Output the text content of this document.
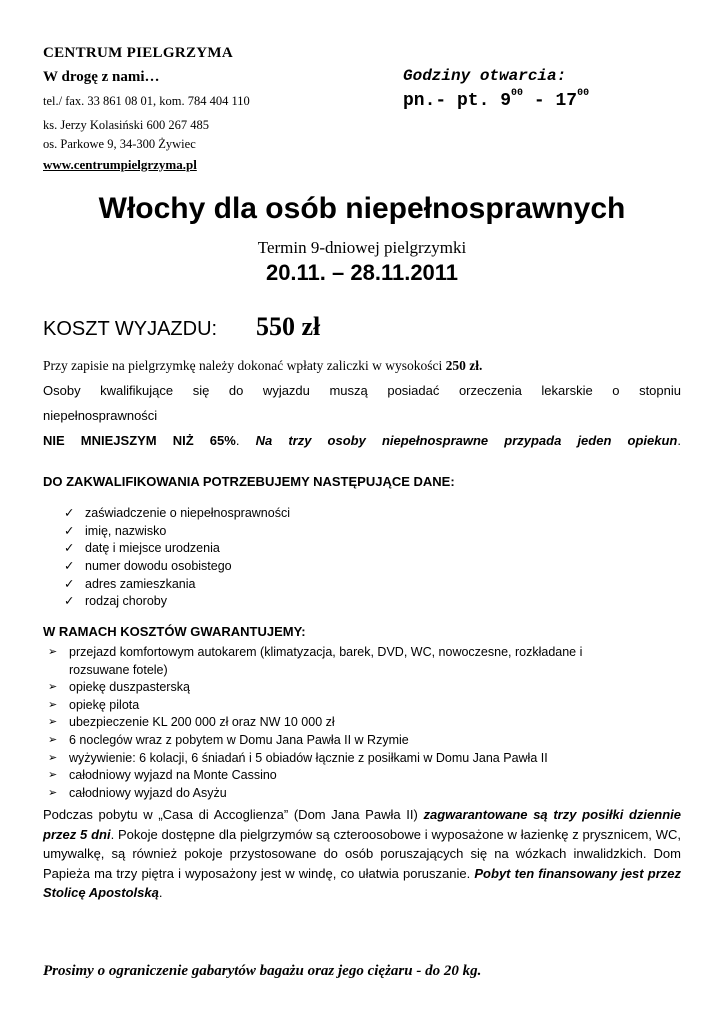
CENTRUM PIELGRZYMA
W drogę z nami…
tel./ fax. 33 861 08 01, kom. 784 404 110
ks. Jerzy Kolasiński 600 267 485
os. Parkowe 9, 34-300 Żywiec
www.centrumpielgrzyma.pl
Godziny otwarcia:
pn.- pt. $9^{00} - 17^{00}$
Włochy dla osób niepełnosprawnych
Termin 9-dniowej pielgrzymki
20.11. – 28.11.2011
KOSZT WYJAZDU: 550 zł
Przy zapisie na pielgrzymkę należy dokonać wpłaty zaliczki w wysokości 250 zł.
Osoby kwalifikujące się do wyjazdu muszą posiadać orzeczenia lekarskie o stopniu
niepełnosprawności
NIE MNIEJSZYM NIŻ 65%. Na trzy osoby niepełnosprawne przypada jeden opiekun.
DO ZAKWALIFIKOWANIA POTRZEBUJEMY NASTĘPUJĄCE DANE:
✓ zaświadczenie o niepełnosprawności
✓ imię, nazwisko
✓ datę i miejsce urodzenia
✓ numer dowodu osobistego
✓ adres zamieszkania
✓ rodzaj choroby
W RAMACH KOSZTÓW GWARANTUJEMY:
➢ przejazd komfortowym autokarem (klimatyzacja, barek, DVD, WC, nowoczesne, rozkładane i rozsuwane fotele)
➢ opiekę duszpasterską
➢ opiekę pilota
➢ ubezpieczenie KL 200 000 zł oraz NW 10 000 zł
➢ 6 noclegów wraz z pobytem w Domu Jana Pawła II w Rzymie
➢ wyżywienie: 6 kolacji, 6 śniadań i 5 obiadów łącznie z posiłkami w Domu Jana Pawła II
➢ całodniowy wyjazd na Monte Cassino
➢ całodniowy wyjazd do Asyżu
Podczas pobytu w „Casa di Accoglienza” (Dom Jana Pawła II) zagwarantowane są trzy posiłki dziennie przez 5 dni. Pokoje dostępne dla pielgrzymów są czteroosobowe i wyposażone w łazienkę z prysznicem, WC, umywalkę, są również pokoje przystosowane do osób poruszających się na wózkach inwalidzkich. Dom Papieża ma trzy piętra i wyposażony jest w windę, co ułatwia poruszanie. Pobyt ten finansowany jest przez Stolicę Apostolską.
Prosimy o ograniczenie gabarytów bagażu oraz jego ciężaru - do 20 kg.
